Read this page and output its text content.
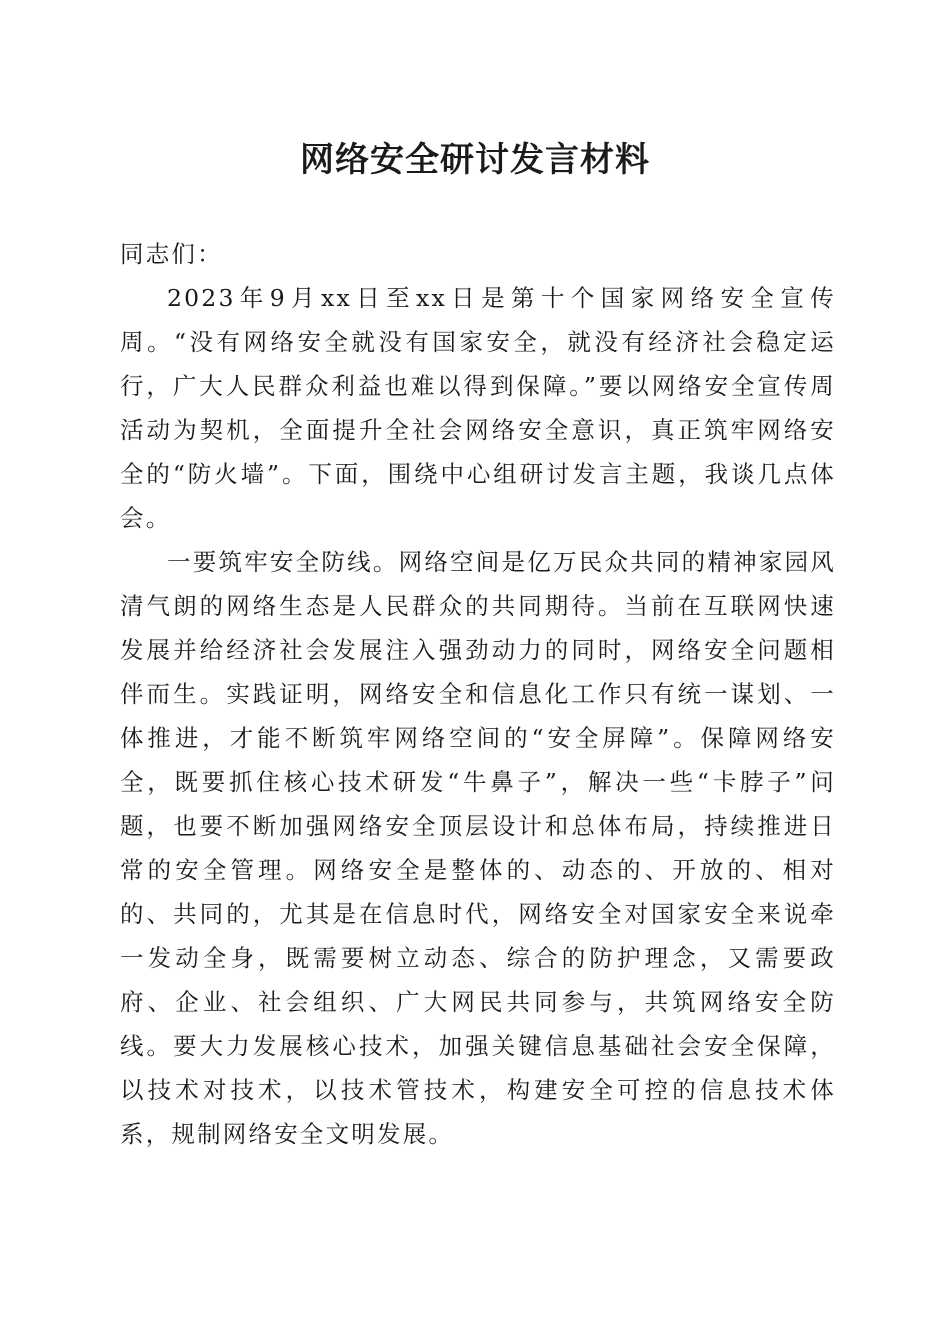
网络安全研讨发言材料

同志们：

2023年9月xx日至xx日是第十个国家网络安全宣传周。“没有网络安全就没有国家安全，就没有经济社会稳定运行，广大人民群众利益也难以得到保障。”要以网络安全宣传周活动为契机，全面提升全社会网络安全意识，真正筑牢网络安全的“防火墙”。下面，围绕中心组研讨发言主题，我谈几点体会。

一要筑牢安全防线。网络空间是亿万民众共同的精神家园风清气朗的网络生态是人民群众的共同期待。当前在互联网快速发展并给经济社会发展注入强劲动力的同时，网络安全问题相伴而生。实践证明，网络安全和信息化工作只有统一谋划、一体推进，才能不断筑牢网络空间的“安全屏障”。保障网络安全，既要抓住核心技术研发“牛鼻子”，解决一些“卡脖子”问题，也要不断加强网络安全顶层设计和总体布局，持续推进日常的安全管理。网络安全是整体的、动态的、开放的、相对的、共同的，尤其是在信息时代，网络安全对国家安全来说牵一发动全身，既需要树立动态、综合的防护理念，又需要政府、企业、社会组织、广大网民共同参与，共筑网络安全防线。要大力发展核心技术，加强关键信息基础社会安全保障，以技术对技术，以技术管技术，构建安全可控的信息技术体系，规制网络安全文明发展。
